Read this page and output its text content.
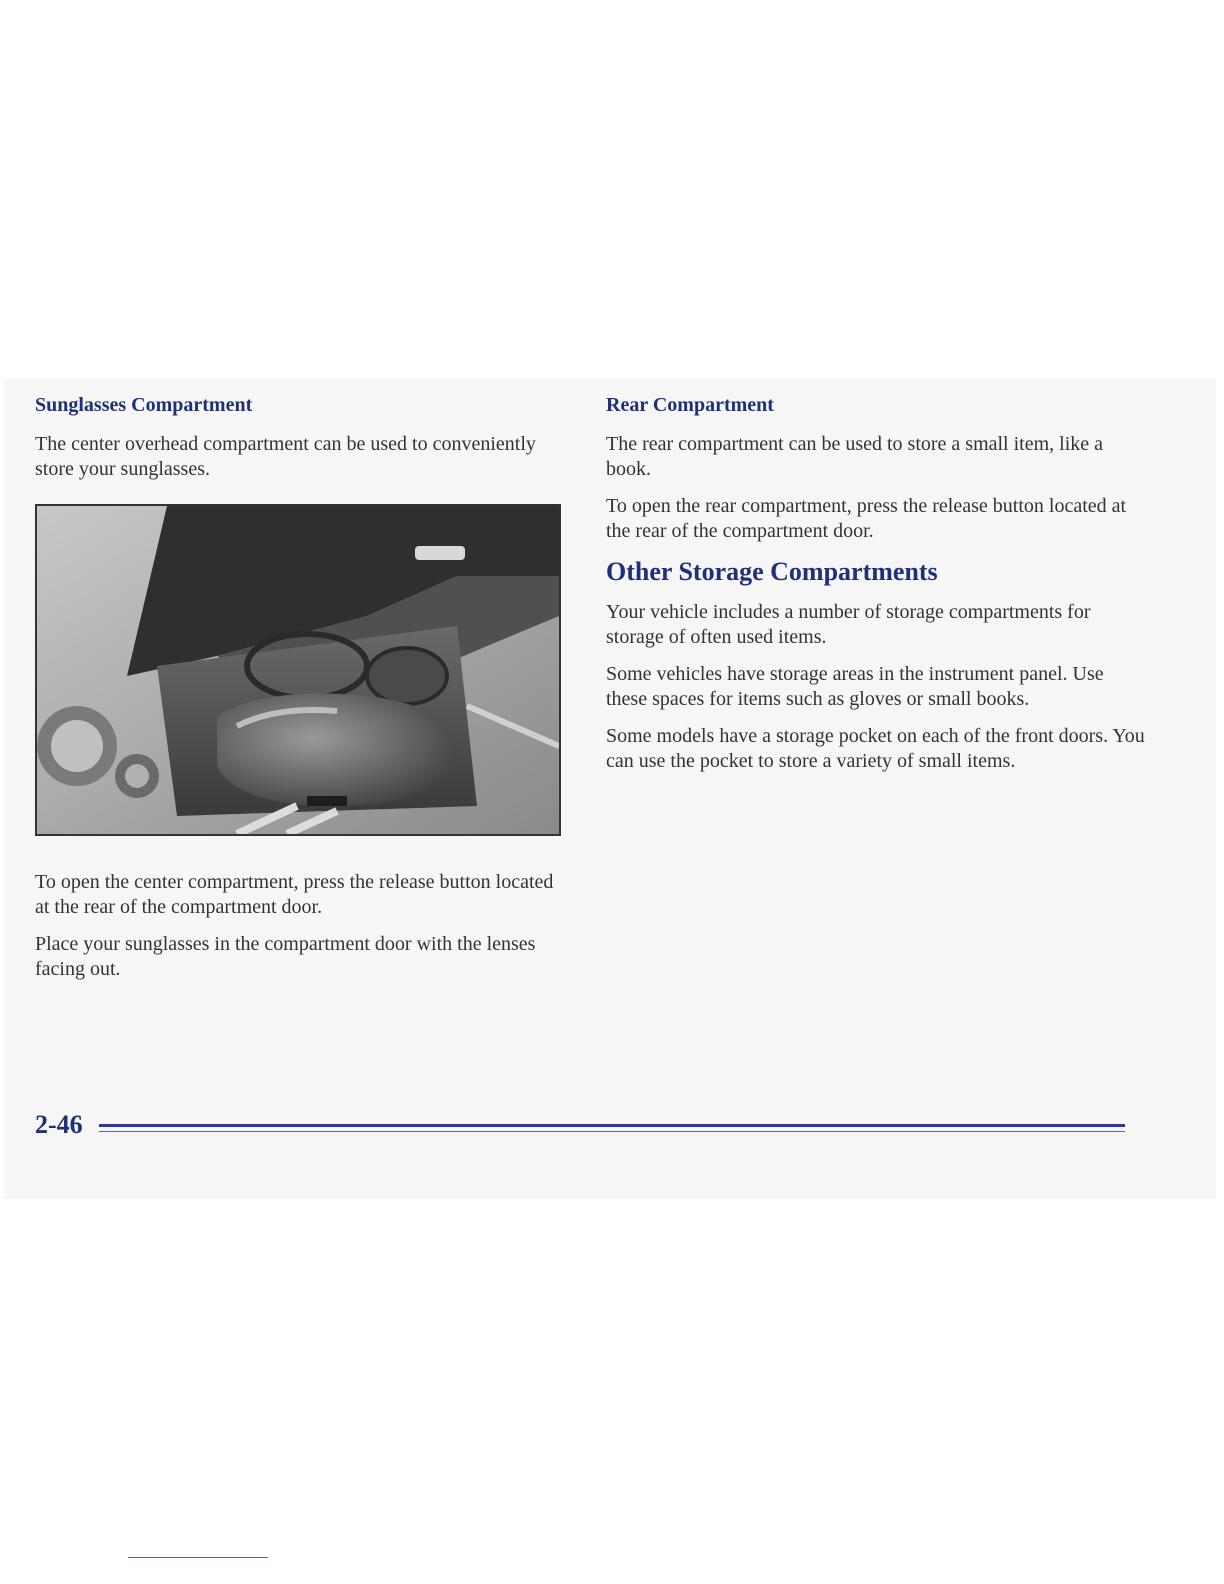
Sunglasses Compartment

The center overhead compartment can be used to conveniently store your sunglasses.

To open the center compartment, press the release button located at the rear of the compartment door.

Place your sunglasses in the compartment door with the lenses facing out.

Rear Compartment

The rear compartment can be used to store a small item, like a book.

To open the rear compartment, press the release button located at the rear of the compartment door.

Other Storage Compartments

Your vehicle includes a number of storage compartments for storage of often used items.

Some vehicles have storage areas in the instrument panel. Use these spaces for items such as gloves or small books.

Some models have a storage pocket on each of the front doors. You can use the pocket to store a variety of small items.

2-46
